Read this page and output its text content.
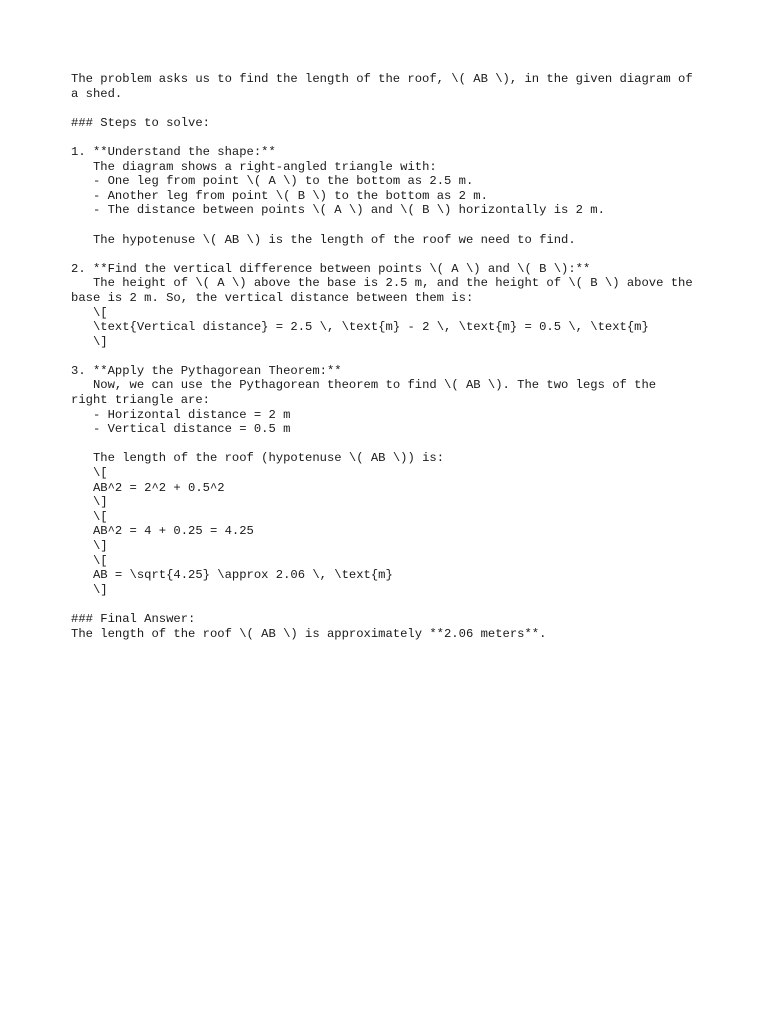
The problem asks us to find the length of the roof, \( AB \), in the given diagram of a shed.

### Steps to solve:

1. **Understand the shape:**
The diagram shows a right-angled triangle with:
- One leg from point \( A \) to the bottom as 2.5 m.
- Another leg from point \( B \) to the bottom as 2 m.
- The distance between points \( A \) and \( B \) horizontally is 2 m.

The hypotenuse \( AB \) is the length of the roof we need to find.

2. **Find the vertical difference between points \( A \) and \( B \):**
The height of \( A \) above the base is 2.5 m, and the height of \( B \) above the base is 2 m. So, the vertical distance between them is:
\[
\text{Vertical distance} = 2.5 \, \text{m} - 2 \, \text{m} = 0.5 \, \text{m}
\]

3. **Apply the Pythagorean Theorem:**
Now, we can use the Pythagorean theorem to find \( AB \). The two legs of the right triangle are:
- Horizontal distance = 2 m
- Vertical distance = 0.5 m

The length of the roof (hypotenuse \( AB \)) is:
\[
AB^2 = 2^2 + 0.5^2
\]
\[
AB^2 = 4 + 0.25 = 4.25
\]
\[
AB = \sqrt{4.25} \approx 2.06 \, \text{m}
\]

### Final Answer:
The length of the roof \( AB \) is approximately **2.06 meters**.
